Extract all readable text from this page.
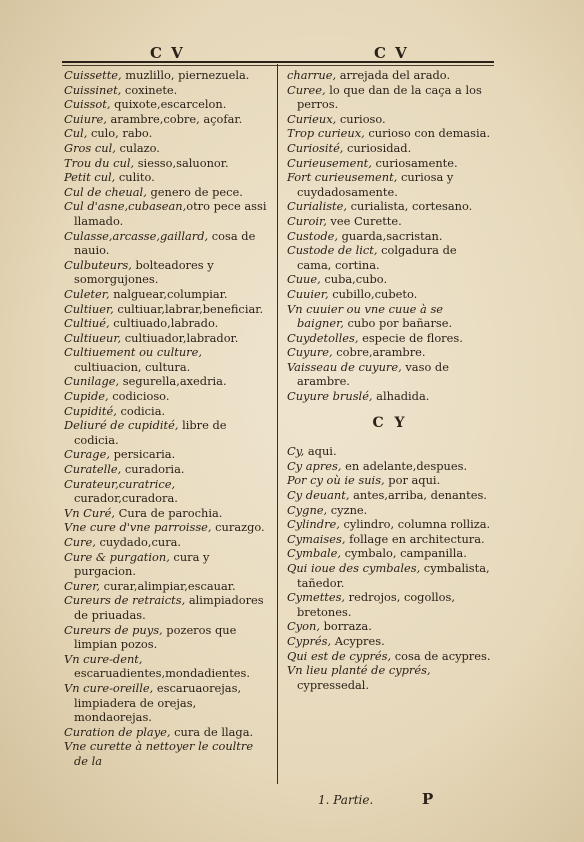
C V	C V

Cuissette, muzlillo, piernezuela.

Cuissinet, coxinete.

Cuissot, quixote,escarcelon.

Cuiure, arambre,cobre, açofar.

Cul, culo, rabo.

Gros cul, culazo.

Trou du cul, siesso,saluonor.

Petit cul, culito.

Cul de cheual, genero de pece.

Cul d'asne,cubasean,otro pece assi llamado.

Culasse,arcasse,gaillard, cosa de nauio.

Culbuteurs, bolteadores y somorgujones.

Culeter, nalguear,columpiar.

Cultiuer, cultiuar,labrar,beneficiar.

Cultiué, cultiuado,labrado.

Cultiueur, cultiuador,labrador.

Cultiuement ou culture, cultiuacion, cultura.

Cunilage, segurella,axedria.

Cupide, codicioso.

Cupidité, codicia.

Deliuré de cupidité, libre de codicia.

Curage, persicaria.

Curatelle, curadoria.

Curateur,curatrice, curador,curadora.

Vn Curé, Cura de parochia.

Vne cure d'vne parroisse, curazgo.

Cure, cuydado,cura.

Cure & purgation, cura y purgacion.

Curer, curar,alimpiar,escauar.

Cureurs de retraicts, alimpiadores de priuadas.

Cureurs de puys, pozeros que limpian pozos.

Vn cure-dent, escaruadientes,mondadientes.

Vn cure-oreille, escaruaorejas, limpiadera de orejas, mondaorejas.

Curation de playe, cura de llaga.

Vne curette à nettoyer le coultre de la

charrue, arrejada del arado.

Curee, lo que dan de la caça a los perros.

Curieux, curioso.

Trop curieux, curioso con demasia.

Curiosité, curiosidad.

Curieusement, curiosamente.

Fort curieusement, curiosa y cuydadosamente.

Curialiste, curialista, cortesano.

Curoir, vee Curette.

Custode, guarda,sacristan.

Custode de lict, colgadura de cama, cortina.

Cuue, cuba,cubo.

Cuuier, cubillo,cubeto.

Vn cuuier ou vne cuue à se baigner, cubo por bañarse.

Cuydetolles, especie de flores.

Cuyure, cobre,arambre.

Vaisseau de cuyure, vaso de arambre.

Cuyure bruslé, alhadida.

C Y

Cy, aqui.

Cy apres, en adelante,despues.

Por cy où ie suis, por aqui.

Cy deuant, antes,arriba, denantes.

Cygne, cyzne.

Cylindre, cylindro, columna rolliza.

Cymaises, follage en architectura.

Cymbale, cymbalo, campanilla.

Qui ioue des cymbales, cymbalista, tañedor.

Cymettes, redrojos, cogollos, bretones.

Cyon, borraza.

Cyprés, Acypres.

Qui est de cyprés, cosa de acypres.

Vn lieu planté de cyprés, cypressedal.

1. Partie.	P
